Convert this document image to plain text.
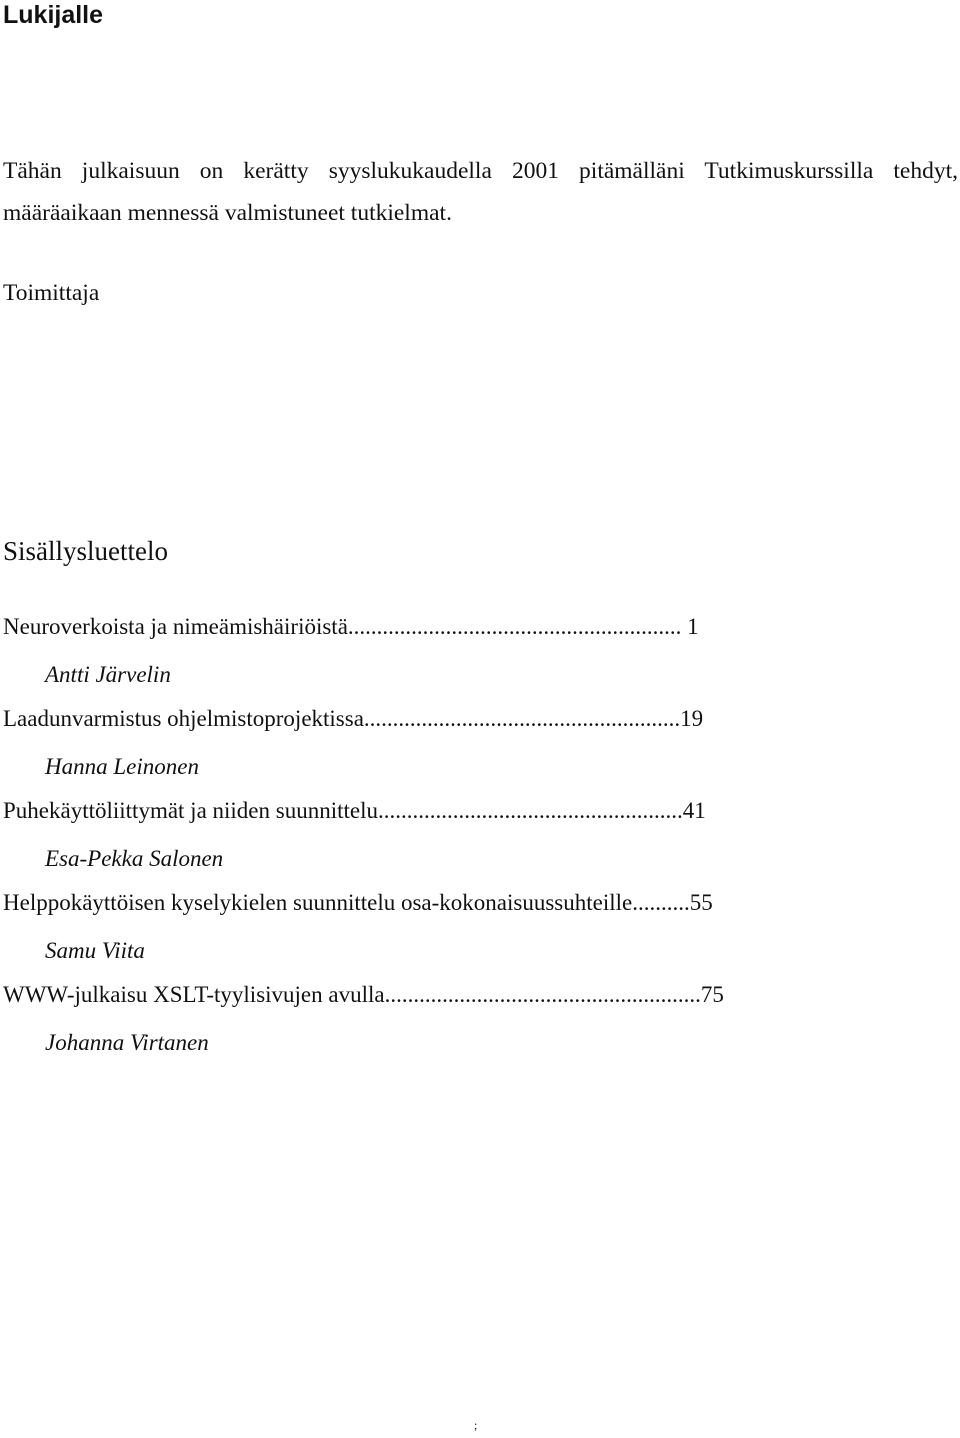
Lukijalle

Tähän julkaisuun on kerätty syyslukukaudella 2001 pitämälläni Tutkimuskurssilla tehdyt, määräaikaan mennessä valmistuneet tutkielmat.

Toimittaja

Sisällysluettelo

Neuroverkoista ja nimeämishäiriöistä.......................................................... 1

Antti Järvelin

Laadunvarmistus ohjelmistoprojektissa.......................................................19

Hanna Leinonen

Puhekäyttöliittymät ja niiden suunnittelu.....................................................41

Esa-Pekka Salonen

Helppokäyttöisen kyselykielen suunnittelu osa-kokonaisuussuhteille..........55

Samu Viita

WWW-julkaisu XSLT-tyylisivujen avulla.......................................................75

Johanna Virtanen

;
